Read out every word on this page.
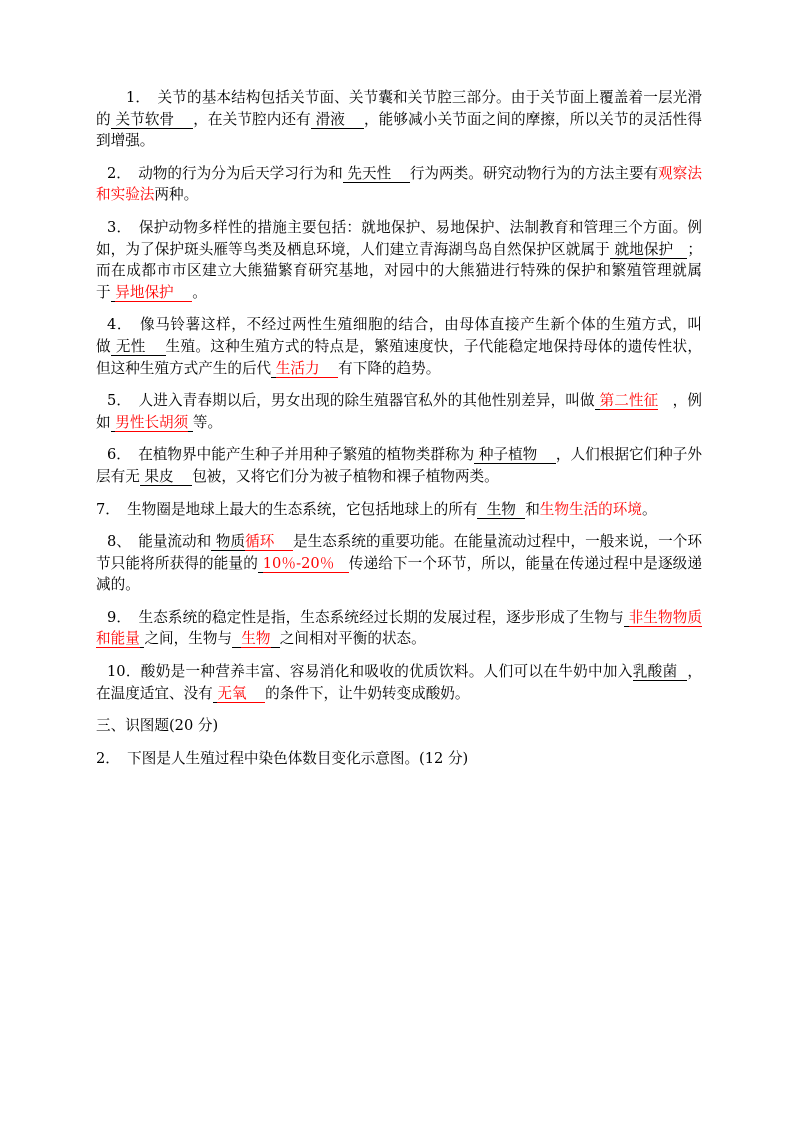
1．　关节的基本结构包括关节面、关节囊和关节腔三部分。由于关节面上覆盖着一层光滑的 关节软骨    ，在关节腔内还有 滑液    ，能够减小关节面之间的摩擦，所以关节的灵活性得到增强。

2．　动物的行为分为后天学习行为和 先天性    行为两类。研究动物行为的方法主要有观察法和实验法两种。

3．　保护动物多样性的措施主要包括：就地保护、易地保护、法制教育和管理三个方面。例如，为了保护斑头雁等鸟类及栖息环境，人们建立青海湖鸟岛自然保护区就属于 就地保护   ；而在成都市市区建立大熊猫繁育研究基地，对园中的大熊猫进行特殊的保护和繁殖管理就属于 异地保护    。

4．　像马铃薯这样，不经过两性生殖细胞的结合，由母体直接产生新个体的生殖方式，叫做 无性    生殖。这种生殖方式的特点是，繁殖速度快，子代能稳定地保持母体的遗传性状，但这种生殖方式产生的后代 生活力    有下降的趋势。

5．　人进入青春期以后，男女出现的除生殖器官私外的其他性别差异，叫做 第二性征 ，例如 男性长胡须 等。

6．　在植物界中能产生种子并用种子繁殖的植物类群称为 种子植物    ，人们根据它们种子外层有无 果皮    包被，又将它们分为被子植物和裸子植物两类。

7．　生物圈是地球上最大的生态系统，它包括地球上的所有  生物  和生物生活的环境。

8、　能量流动和 物质循环    是生态系统的重要功能。在能量流动过程中，一般来说，一个环节只能将所获得的能量的 10％-20％   传递给下一个环节，所以，能量在传递过程中是逐级递减的。

9．　生态系统的稳定性是指，生态系统经过长期的发展过程，逐步形成了生物与 非生物物质和能量 之间，生物与 生物 之间相对平衡的状态。

10．酸奶是一种营养丰富、容易消化和吸收的优质饮料。人们可以在牛奶中加入乳酸菌  ，在温度适宜、没有 无氧    的条件下，让牛奶转变成酸奶。

三、识图题(20 分)

2．　下图是人生殖过程中染色体数目变化示意图。(12 分)
